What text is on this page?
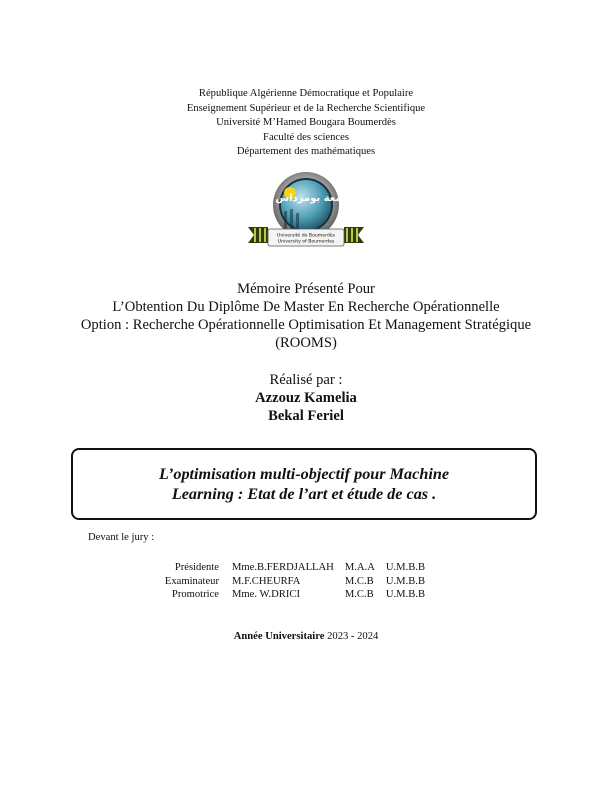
République Algérienne Démocratique et Populaire
Enseignement Supérieur et de la Recherche Scientifique
Université M’Hamed Bougara Boumerdès
Faculté des sciences
Département des mathématiques
جامعة بومرداس
Université de Boumerdès
University of Boumerdes
Mémoire Présenté Pour
L’Obtention Du Diplôme De Master En Recherche Opérationnelle
Option : Recherche Opérationnelle Optimisation Et Management Stratégique (ROOMS)
Réalisé par :
Azzouz Kamelia
Bekal Feriel
L’optimisation multi-objectif pour Machine
Learning : Etat de l’art et étude de cas .
Devant le jury :
Présidente	Mme.B.FERDJALLAH	M.A.A	U.M.B.B
Examinateur	M.F.CHEURFA	M.C.B	U.M.B.B
Promotrice	Mme. W.DRICI	M.C.B	U.M.B.B
Année Universitaire 2023 - 2024
